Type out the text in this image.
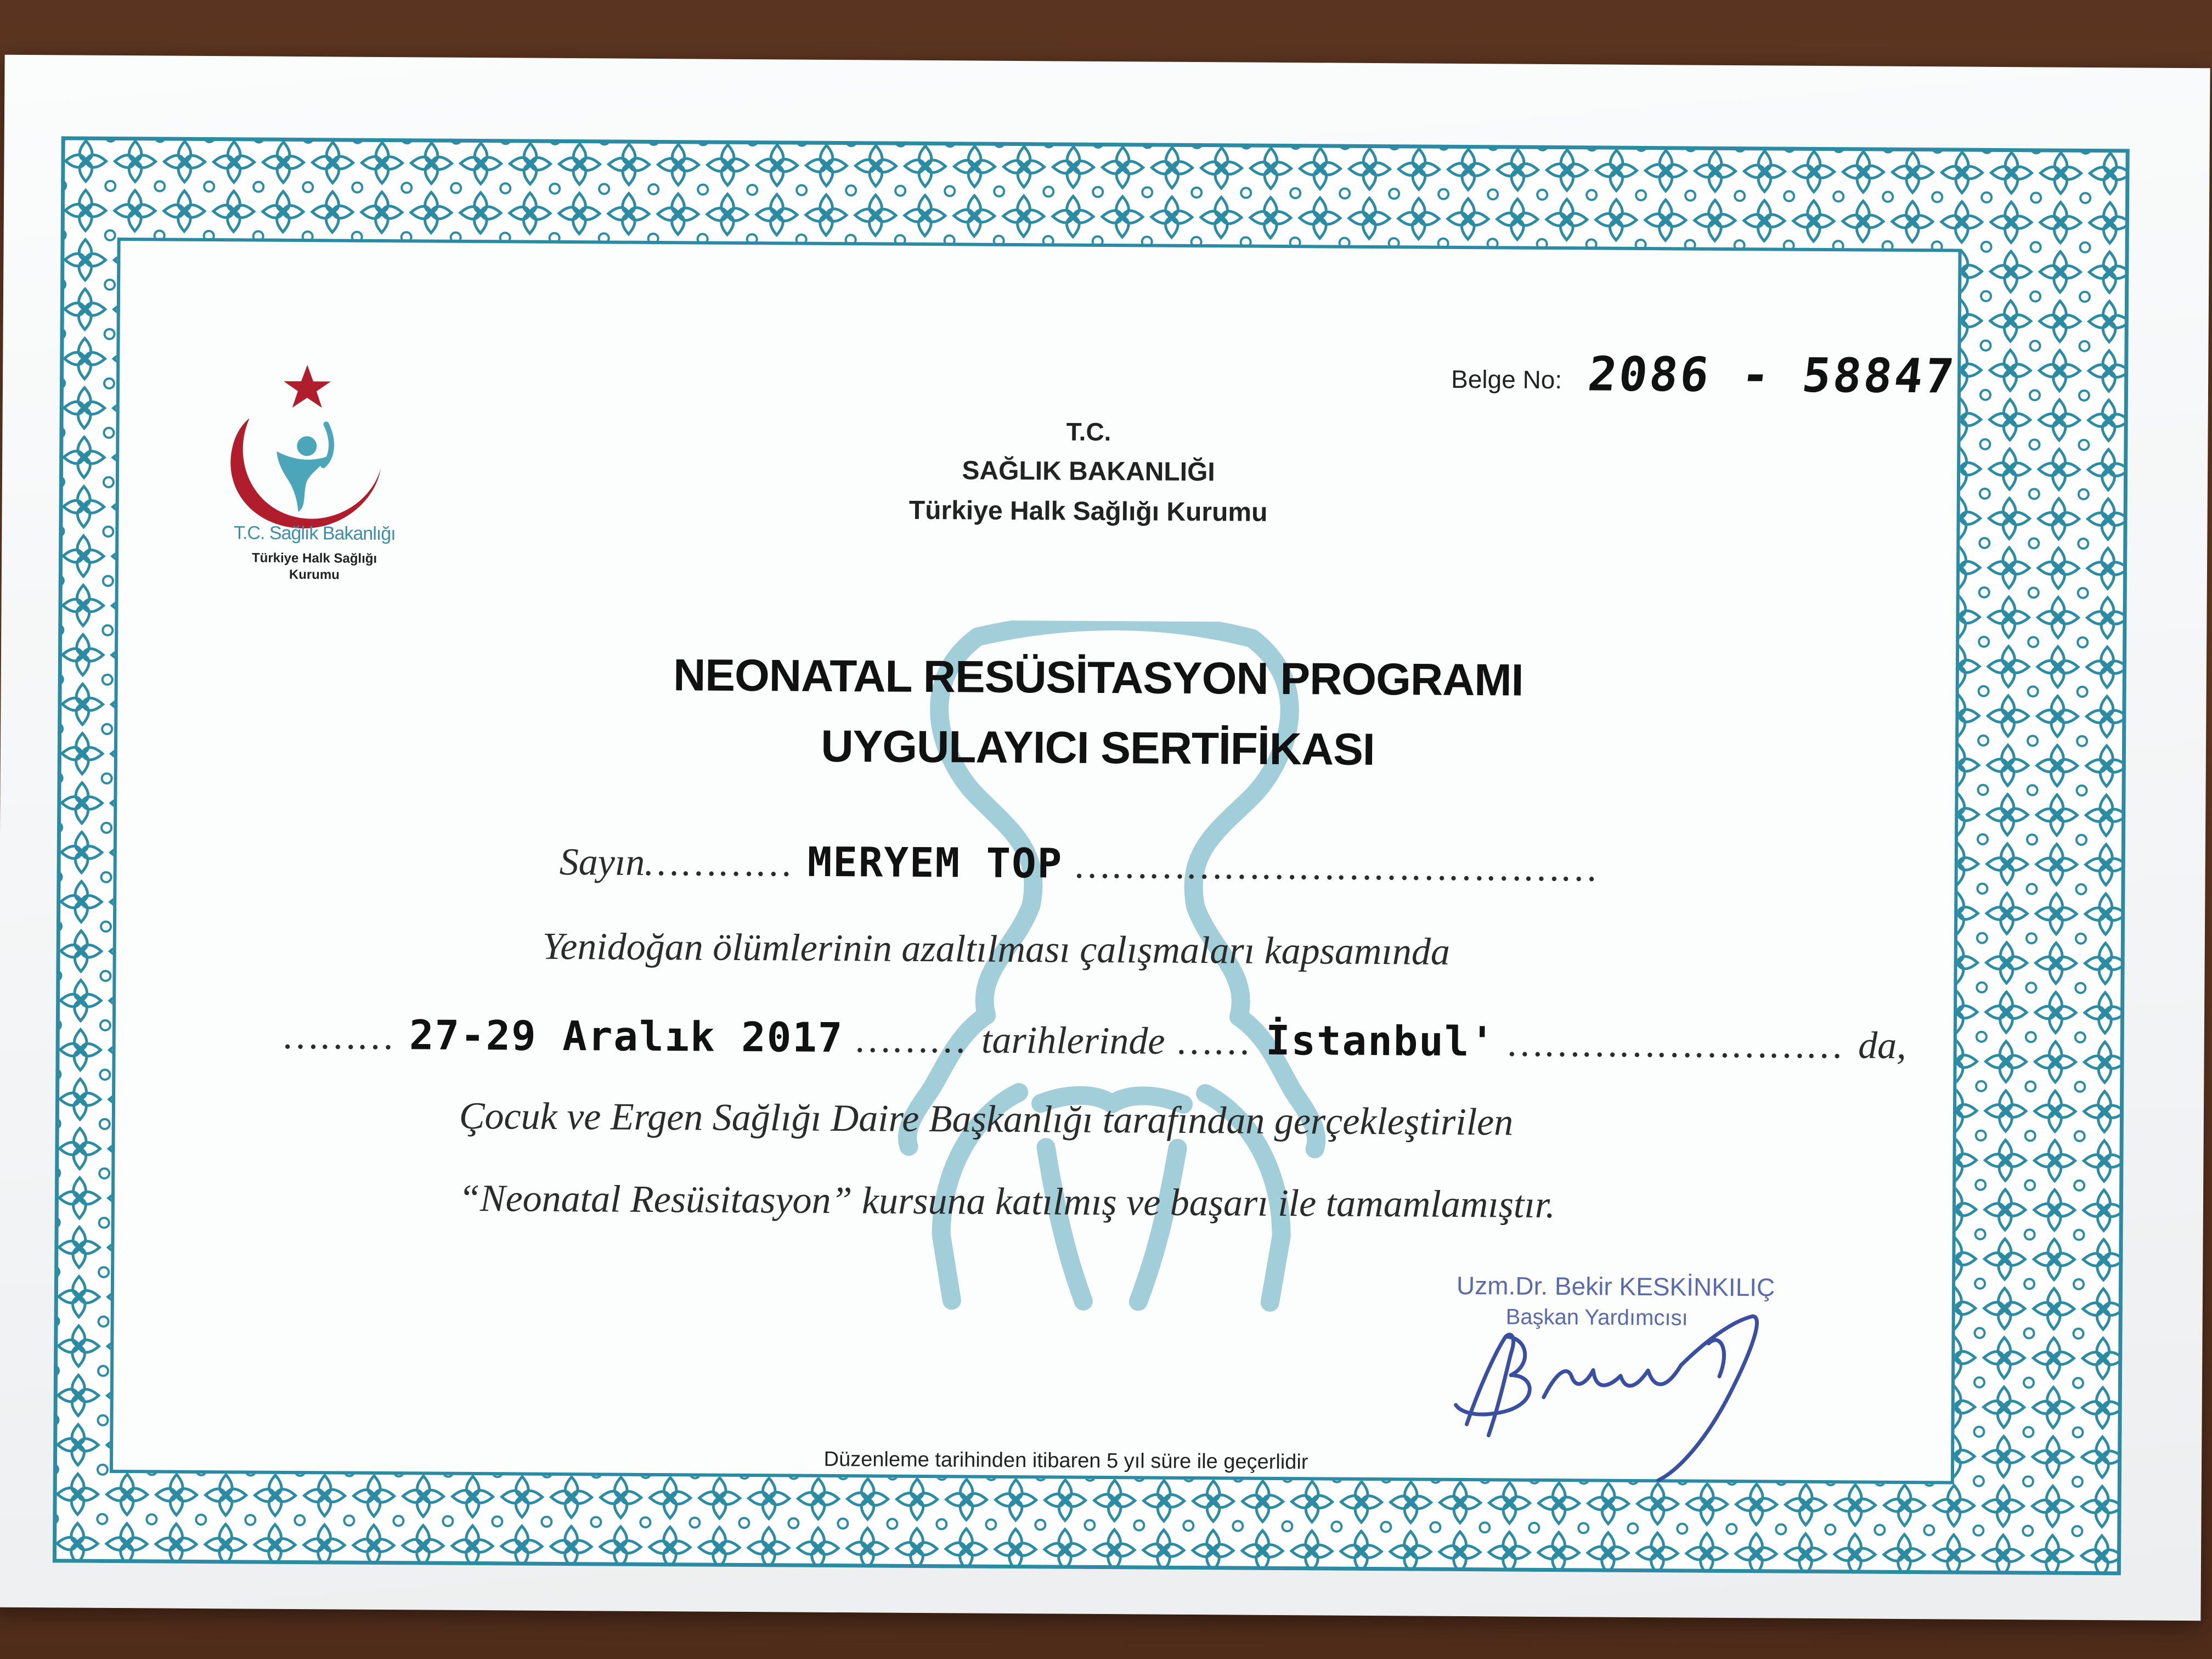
T.C. Sağlık Bakanlığı
Türkiye Halk Sağlığı
Kurumu
Belge No: 2086 - 58847
T.C.
SAĞLIK BAKANLIĞI
Türkiye Halk Sağlığı Kurumu
NEONATAL RESÜSİTASYON PROGRAMI
UYGULAYICI SERTİFİKASI
Sayın………… MERYEM TOP ……………………………………
Yenidoğan ölümlerinin azaltılması çalışmaları kapsamında
……… 27-29 Aralık 2017 ……… tarihlerinde …… İstanbul' ……………………… da,
Çocuk ve Ergen Sağlığı Daire Başkanlığı tarafından gerçekleştirilen
“Neonatal Resüsitasyon” kursuna katılmış ve başarı ile tamamlamıştır.
Uzm.Dr. Bekir KESKİNKILIÇ
Başkan Yardımcısı
Düzenleme tarihinden itibaren 5 yıl süre ile geçerlidir
